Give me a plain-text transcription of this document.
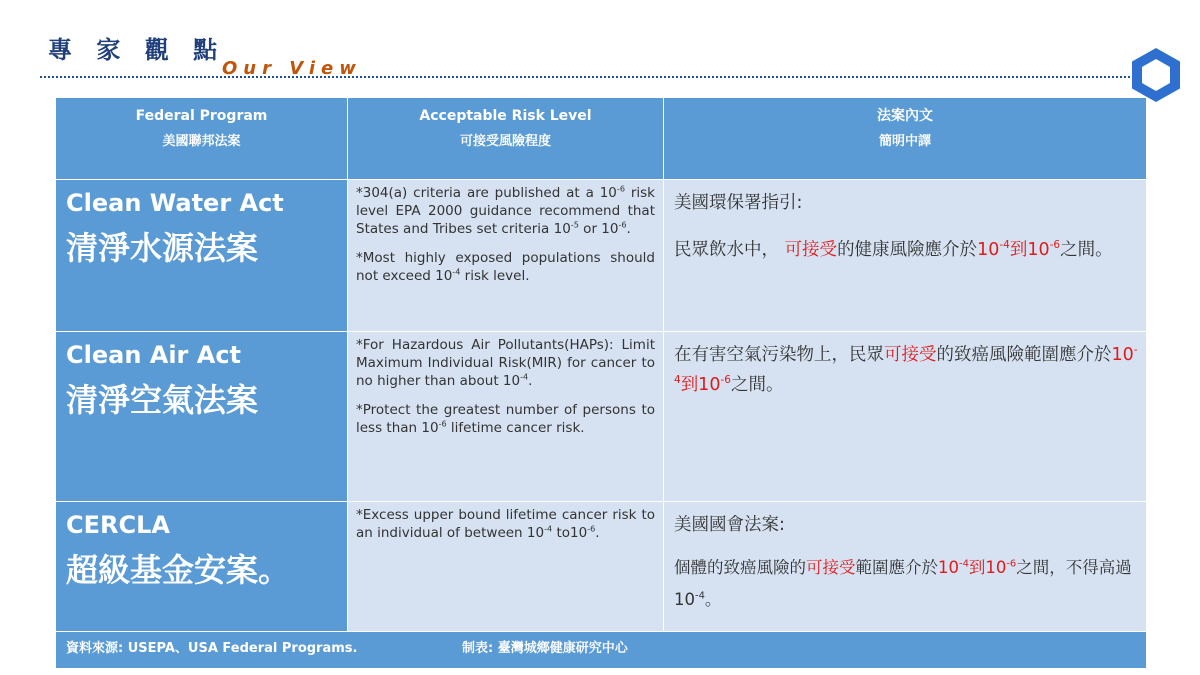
專 家 觀 點
Our View
Federal Program
美國聯邦法案
Acceptable Risk Level
可接受風險程度
法案內文
簡明中譯
Clean Water Act
清淨水源法案

*304(a) criteria are published at a $10^{-6}$ risk level EPA 2000 guidance recommend that States and Tribes set criteria $10^{-5}$ or $10^{-6}$.

*Most highly exposed populations should not exceed $10^{-4}$ risk level.

美國環保署指引:
民眾飲水中， 可接受的健康風險應介於$10^{-4}$到$10^{-6}$之間。
Clean Air Act
清淨空氣法案

*For Hazardous Air Pollutants(HAPs): Limit Maximum Individual Risk(MIR) for cancer to no higher than about $10^{-4}$.

*Protect the greatest number of persons to less than $10^{-6}$ lifetime cancer risk.

在有害空氣污染物上，民眾可接受的致癌風險範圍應介於$10^{-4}$到$10^{-6}$之間。
CERCLA
超級基金安案。

*Excess upper bound lifetime cancer risk to an individual of between $10^{-4}$ $to10^{-6}$.	美國國會法案:
個體的致癌風險的可接受範圍應介於$10^{-4}$到$10^{-6}$之間，不得高過$10^{-4}$。
資料來源: USEPA、USA Federal Programs.	制表: 臺灣城鄉健康研究中心
